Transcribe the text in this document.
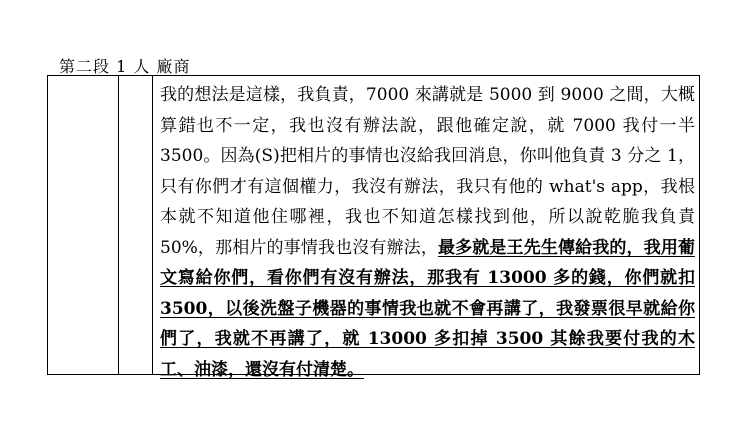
第二段 1 人 廠商

我的想法是這樣，我負責，7000 來講就是 5000 到 9000 之間，大概算錯也不一定，我也沒有辦法說，跟他確定說，就 7000 我付一半 3500。因為(S)把相片的事情也沒給我回消息，你叫他負責 3 分之 1，只有你們才有這個權力，我沒有辦法，我只有他的 what's app，我根本就不知道他住哪裡，我也不知道怎樣找到他，所以說乾脆我負責 50%，那相片的事情我也沒有辦法，最多就是王先生傳給我的，我用葡文寫給你們，看你們有沒有辦法，那我有 13000 多的錢，你們就扣 3500，以後洗盤子機器的事情我也就不會再講了，我發票很早就給你們了，我就不再講了，就 13000 多扣掉 3500 其餘我要付我的木工、油漆，還沒有付清楚。
